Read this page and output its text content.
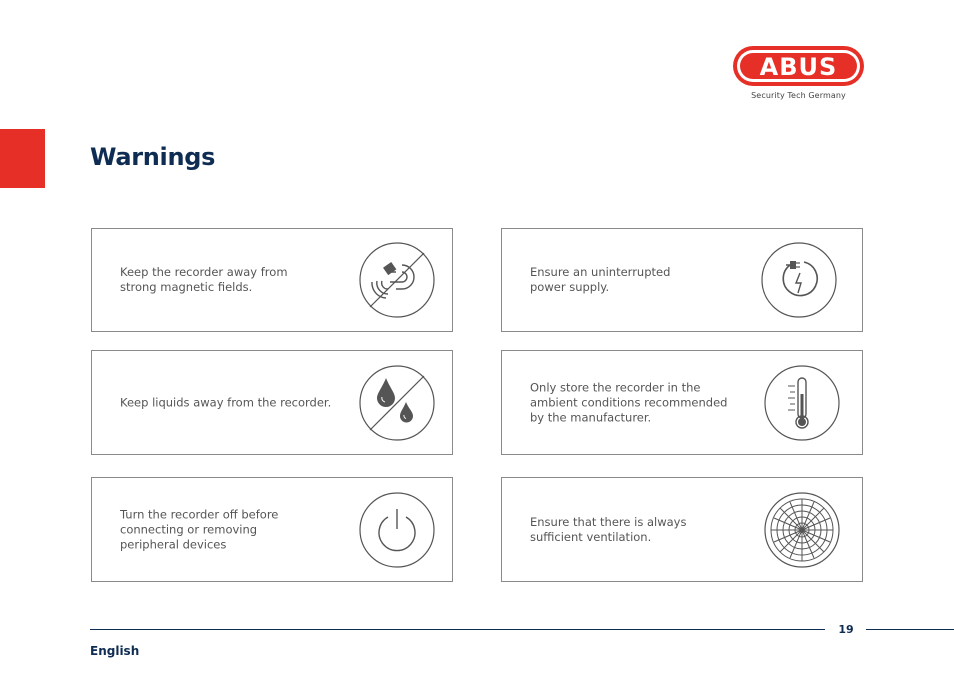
ABUS
Security Tech Germany
Warnings
Keep the recorder away from
strong magnetic fields.
Ensure an uninterrupted
power supply.
Keep liquids away from the recorder.
Only store the recorder in the
ambient conditions recommended
by the manufacturer.
Turn the recorder off before
connecting or removing
peripheral devices
Ensure that there is always
sufficient ventilation.
19
English
